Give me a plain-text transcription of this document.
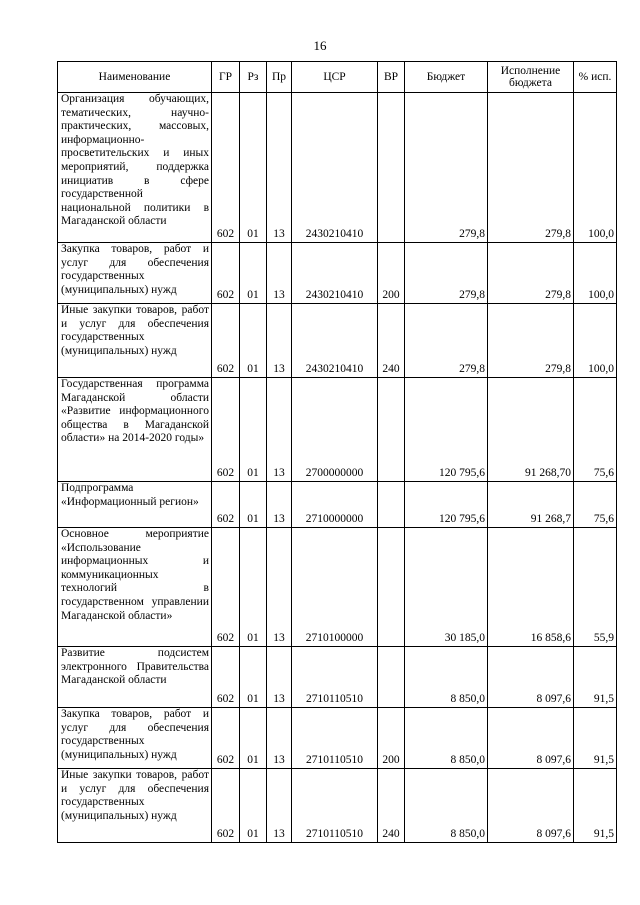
16
Наименование	ГР	Рз	Пр	ЦСР	ВР	Бюджет	Исполнение бюджета	% исп.
Организация обучающих, тематических, научно-практических, массовых, информационно-просветительских и иных мероприятий, поддержка инициатив в сфере государственной национальной политики в Магаданской области	602	01	13	2430210410		279,8	279,8	100,0
Закупка товаров, работ и услуг для обеспечения государственных (муниципальных) нужд	602	01	13	2430210410	200	279,8	279,8	100,0
Иные закупки товаров, работ и услуг для обеспечения государственных (муниципальных) нужд	602	01	13	2430210410	240	279,8	279,8	100,0
Государственная программа Магаданской области «Развитие информационного общества в Магаданской области» на 2014-2020 годы»	602	01	13	2700000000		120 795,6	91 268,70	75,6
Подпрограмма «Информационный регион»	602	01	13	2710000000		120 795,6	91 268,7	75,6
Основное мероприятие «Использование информационных и коммуникационных технологий в государственном управлении Магаданской области»	602	01	13	2710100000		30 185,0	16 858,6	55,9
Развитие подсистем электронного Правительства Магаданской области	602	01	13	2710110510		8 850,0	8 097,6	91,5
Закупка товаров, работ и услуг для обеспечения государственных (муниципальных) нужд	602	01	13	2710110510	200	8 850,0	8 097,6	91,5
Иные закупки товаров, работ и услуг для обеспечения государственных (муниципальных) нужд	602	01	13	2710110510	240	8 850,0	8 097,6	91,5
